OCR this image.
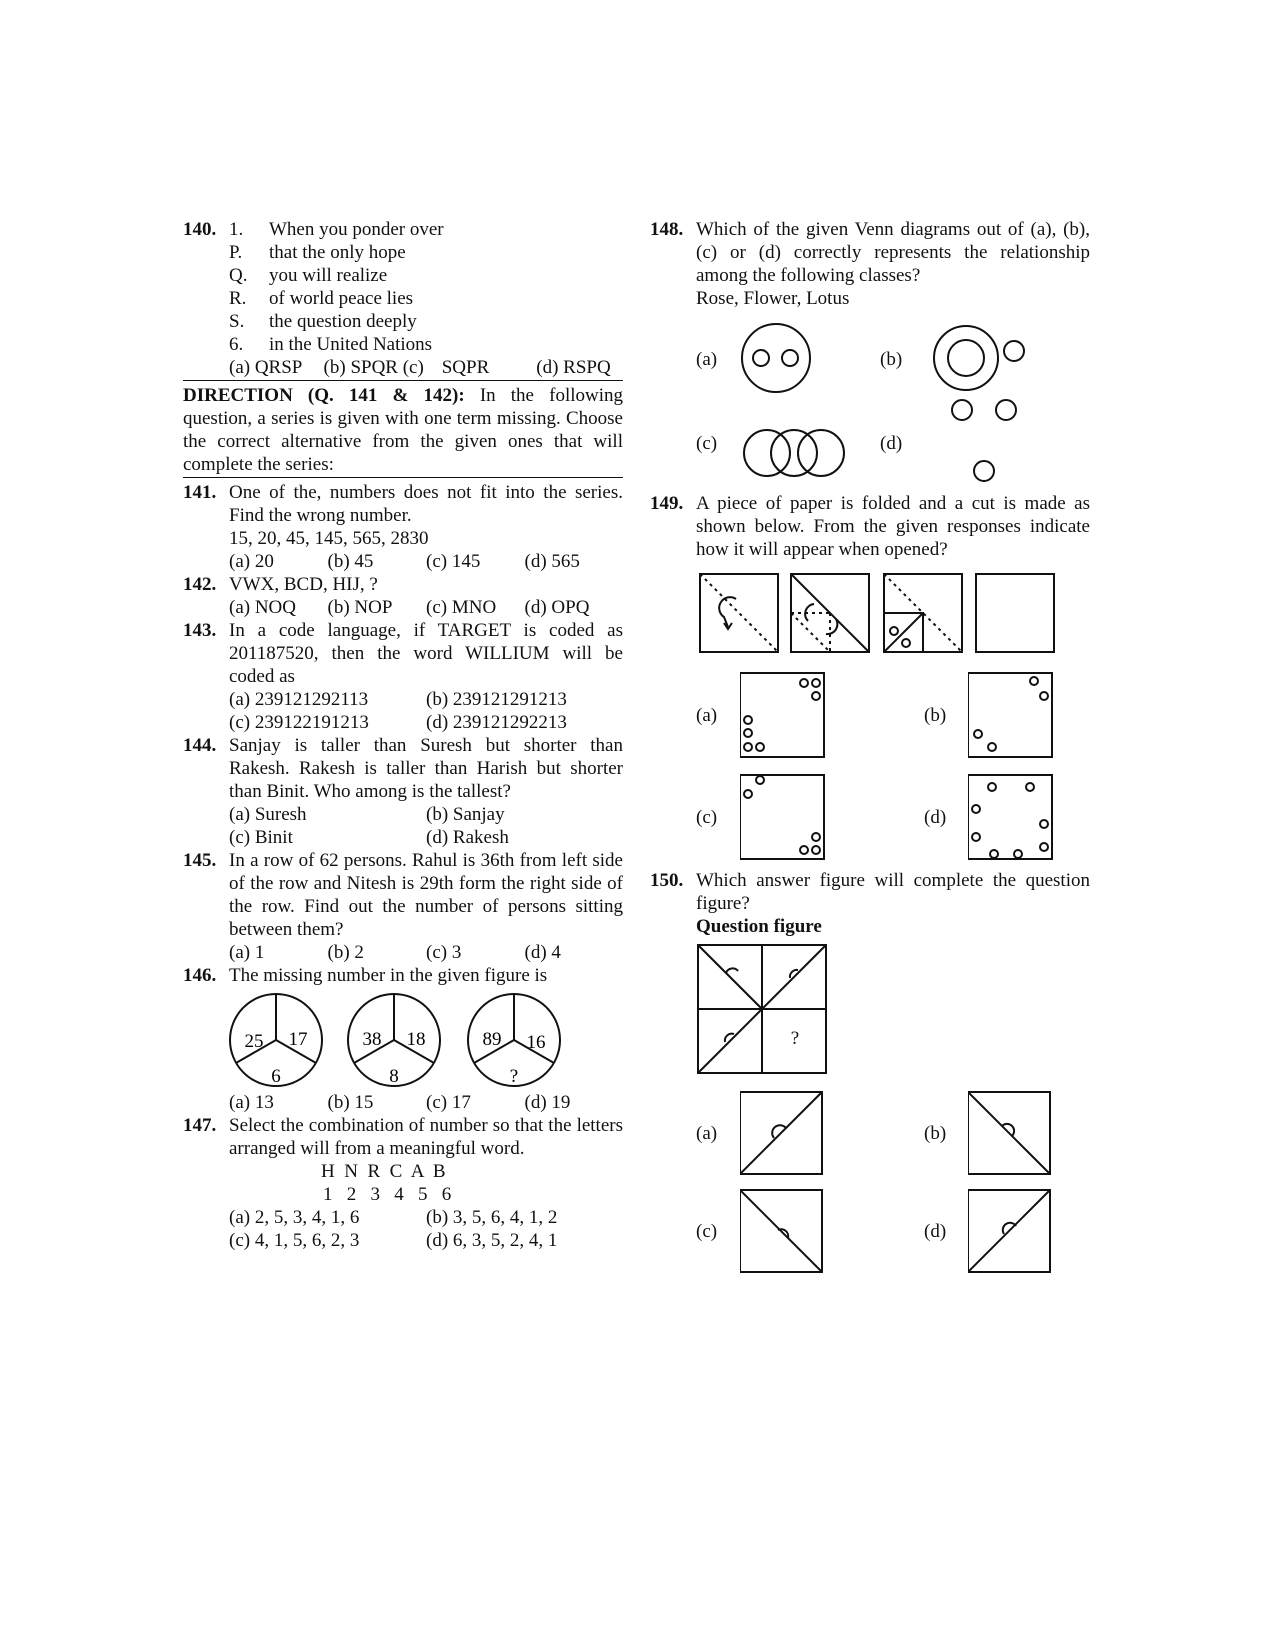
140. 1.	When you ponder over
P.	that the only hope
Q.	you will realize
R.	of world peace lies
S.	the question deeply
6.	in the United Nations
(a) QRSP	(b) SPQR (c) SQPR	(d) RSPQ
DIRECTION (Q. 141 & 142): In the following question, a series is given with one term missing. Choose the correct alternative from the given ones that will complete the series:
141. One of the, numbers does not fit into the series. Find the wrong number.
15, 20, 45, 145, 565, 2830
(a) 20	(b) 45	(c) 145	(d) 565
142. VWX, BCD, HIJ, ?
(a) NOQ	(b) NOP	(c) MNO	(d) OPQ
143. In a code language, if TARGET is coded as 201187520, then the word WILLIUM will be coded as
(a) 239121292113	(b) 239121291213
(c) 239122191213	(d) 239121292213
144. Sanjay is taller than Suresh but shorter than Rakesh. Rakesh is taller than Harish but shorter than Binit. Who among is the tallest?
(a) Suresh	(b) Sanjay
(c) Binit	(d) Rakesh
145. In a row of 62 persons. Rahul is 36th from left side of the row and Nitesh is 29th form the right side of the row. Find out the number of persons sitting between them?
(a) 1	(b) 2	(c) 3	(d) 4
146. The missing number in the given figure is
25 17
6
38 18
8
89 16
?
(a) 13	(b) 15	(c) 17	(d) 19
147. Select the combination of number so that the letters arranged will from a meaningful word.
H  N  R  C  A  B
1   2   3   4   5   6
(a) 2, 5, 3, 4, 1, 6	(b) 3, 5, 6, 4, 1, 2
(c) 4, 1, 5, 6, 2, 3	(d) 6, 3, 5, 2, 4, 1
148. Which of the given Venn diagrams out of (a), (b), (c) or (d) correctly represents the relationship among the following classes?
Rose, Flower, Lotus
(a)	(b)
(c)	(d)
149. A piece of paper is folded and a cut is made as shown below. From the given responses indicate how it will appear when opened?
(a)	(b)
(c)	(d)
150. Which answer figure will complete the question figure?
Question figure
?
(a)	(b)
(c)	(d)
